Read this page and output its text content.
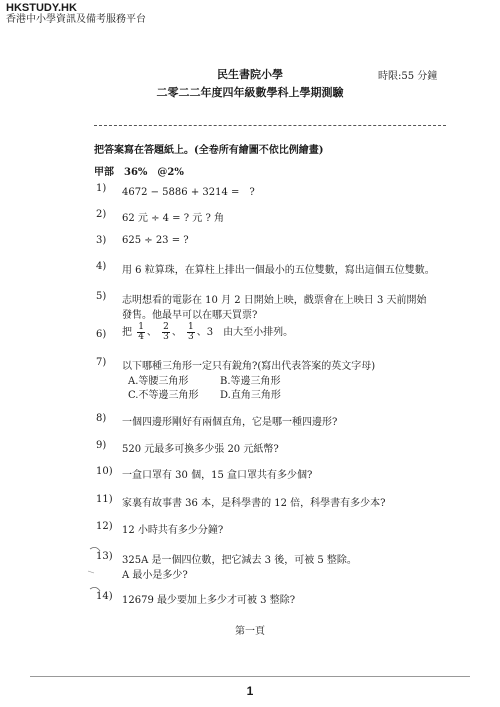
HKSTUDY.HK
香港中小學資訊及備考服務平台
民生書院小學	時限:55 分鐘
二零二二年度四年級數學科上學期測驗
把答案寫在答題紙上。(全卷所有繪圖不依比例繪畫)
甲部　36%　@2%
1) 4672 − 5886 + 3214 =　?
2) 62 元 ÷ 4 = ? 元 ? 角
3) 625 ÷ 23 = ?
4) 用 6 粒算珠，在算柱上排出一個最小的五位雙數，寫出這個五位雙數。
5) 志明想看的電影在 10 月 2 日開始上映，戲票會在上映日 3 天前開始
發售。他最早可以在哪天買票?
6) 把 $\frac{1}{4}$ 、 $\frac{2}{3}$ 、 $\frac{1}{3}$ 、3　由大至小排列。
7) 以下哪種三角形一定只有銳角?(寫出代表答案的英文字母)
A.等腰三角形	B.等邊三角形
C.不等邊三角形 D.直角三角形
8) 一個四邊形剛好有兩個直角，它是哪一種四邊形?
9) 520 元最多可換多少張 20 元紙幣?
10) 一盒口罩有 30 個，15 盒口罩共有多少個?
11) 家裏有故事書 36 本，是科學書的 12 倍，科學書有多少本?
12) 12 小時共有多少分鐘?
13) 325A 是一個四位數，把它減去 3 後，可被 5 整除。
A 最小是多少?
14) 12679 最少要加上多少才可被 3 整除?
第一頁
1
